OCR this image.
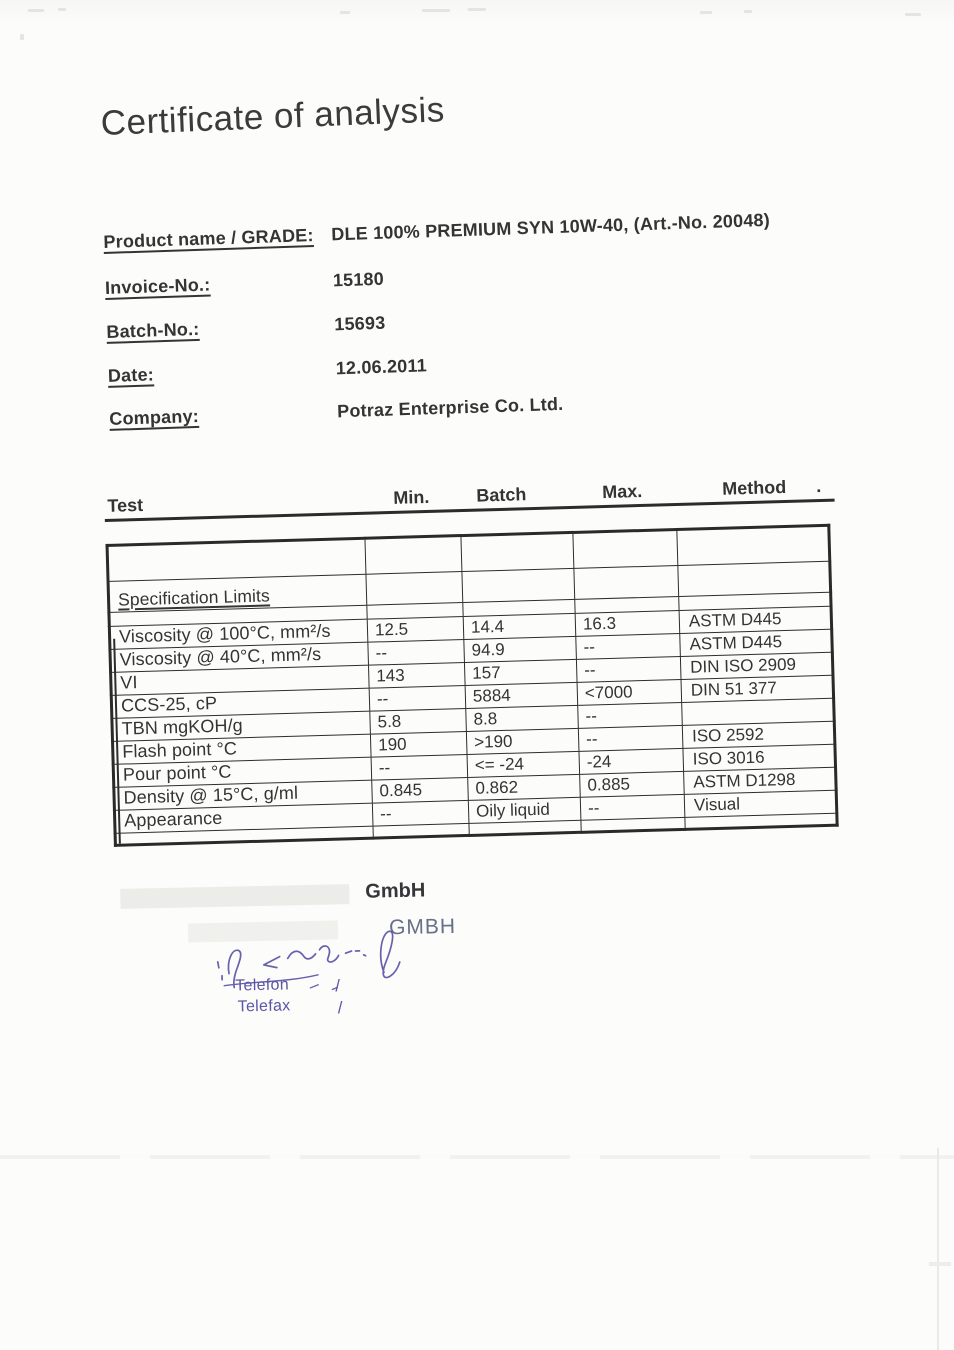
Certificate of analysis
Product name / GRADE: DLE 100% PREMIUM SYN 10W-40, (Art.-No. 20048)
Invoice-No.:	15180
Batch-No.:	15693
Date:	12.06.2011
Company:	Potraz Enterprise Co. Ltd.
Test	Min.	Batch	Max.	Method .

Specification Limits				

Viscosity @ 100°C, mm²/s	12.5	14.4	16.3	ASTM D445
Viscosity @ 40°C, mm²/s	--	94.9	--	ASTM D445
VI	143	157	--	DIN ISO 2909
CCS-25, cP	--	5884	<7000	DIN 51 377
TBN mgKOH/g	5.8	8.8	--	
Flash point °C	190	>190	--	ISO 2592
Pour point °C	--	<= -24	-24	ISO 3016
Density @ 15°C, g/ml	0.845	0.862	0.885	ASTM D1298
Appearance	--	Oily liquid	--	Visual

GmbH
GMBH
Telefon	/
Telefax	/
